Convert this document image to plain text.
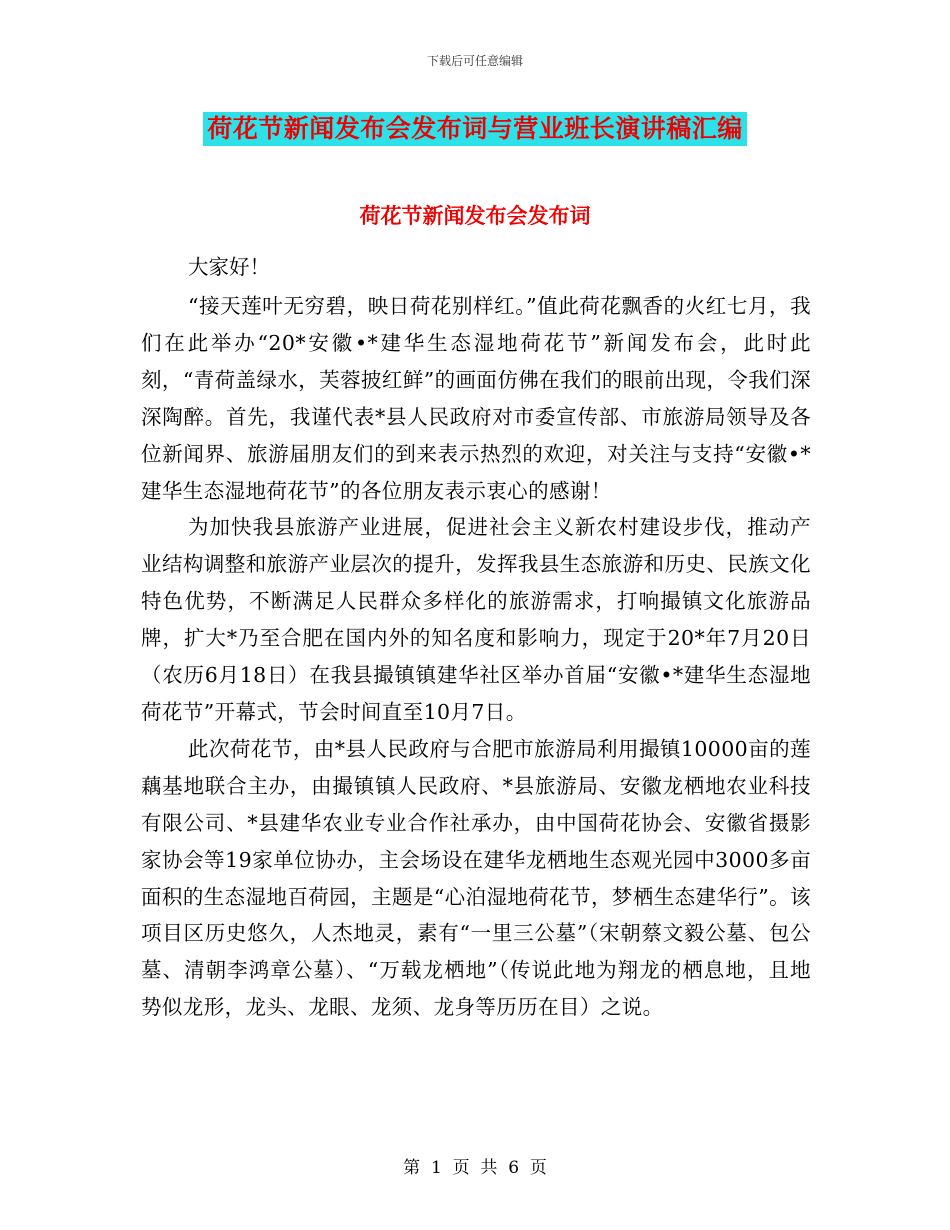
下载后可任意编辑
荷花节新闻发布会发布词与营业班长演讲稿汇编
荷花节新闻发布会发布词

大家好！

“接天莲叶无穷碧，映日荷花别样红。”值此荷花飘香的火红七月，我们在此举办“20*安徽•*建华生态湿地荷花节”新闻发布会，此时此刻，“青荷盖绿水，芙蓉披红鲜”的画面仿佛在我们的眼前出现，令我们深深陶醉。首先，我谨代表*县人民政府对市委宣传部、市旅游局领导及各位新闻界、旅游届朋友们的到来表示热烈的欢迎，对关注与支持“安徽•*建华生态湿地荷花节”的各位朋友表示衷心的感谢！

为加快我县旅游产业进展，促进社会主义新农村建设步伐，推动产业结构调整和旅游产业层次的提升，发挥我县生态旅游和历史、民族文化特色优势，不断满足人民群众多样化的旅游需求，打响撮镇文化旅游品牌，扩大*乃至合肥在国内外的知名度和影响力，现定于20*年7月20日（农历6月18日）在我县撮镇镇建华社区举办首届“安徽•*建华生态湿地荷花节”开幕式，节会时间直至10月7日。

此次荷花节，由*县人民政府与合肥市旅游局利用撮镇10000亩的莲藕基地联合主办，由撮镇镇人民政府、*县旅游局、安徽龙栖地农业科技有限公司、*县建华农业专业合作社承办，由中国荷花协会、安徽省摄影家协会等19家单位协办，主会场设在建华龙栖地生态观光园中3000多亩面积的生态湿地百荷园，主题是“心泊湿地荷花节，梦栖生态建华行”。该项目区历史悠久，人杰地灵，素有“一里三公墓”（宋朝蔡文毅公墓、包公墓、清朝李鸿章公墓）、“万载龙栖地”（传说此地为翔龙的栖息地，且地势似龙形，龙头、龙眼、龙须、龙身等历历在目）之说。

第  1  页  共  6  页
